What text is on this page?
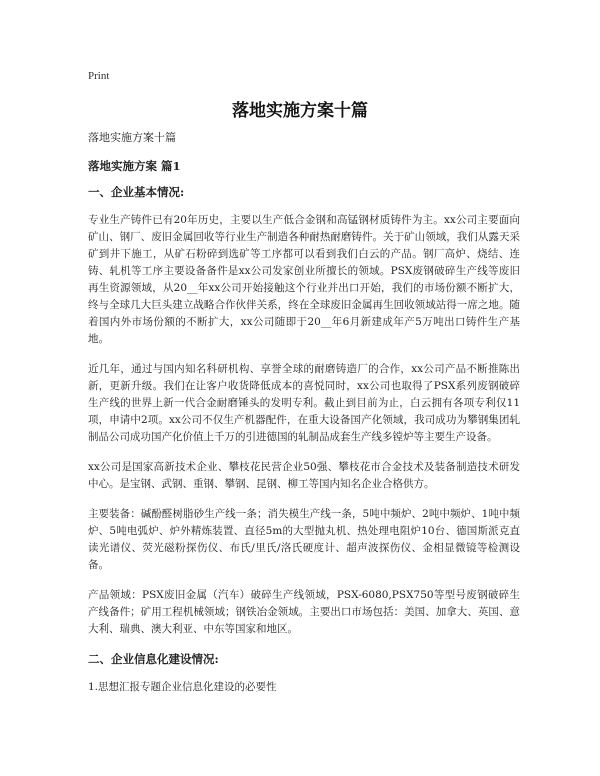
Print
落地实施方案十篇
落地实施方案十篇
落地实施方案 篇1
一、企业基本情况:

专业生产铸件已有20年历史，主要以生产低合金钢和高锰钢材质铸件为主。xx公司主要面向矿山、钢厂、废旧金属回收等行业生产制造各种耐热耐磨铸件。关于矿山领域，我们从露天采矿到井下施工，从矿石粉碎到选矿等工序都可以看到我们白云的产品。钢厂高炉、烧结、连铸、轧机等工序主要设备备件是xx公司发家创业所擅长的领域。PSX废钢破碎生产线等废旧再生资源领域，从20__年xx公司开始接触这个行业并出口开始，我们的市场份额不断扩大，终与全球几大巨头建立战略合作伙伴关系，终在全球废旧金属再生回收领域站得一席之地。随着国内外市场份额的不断扩大，xx公司随即于20__年6月新建成年产5万吨出口铸件生产基地。

近几年，通过与国内知名科研机构、享誉全球的耐磨铸造厂的合作，xx公司产品不断推陈出新，更新升级。我们在让客户收货降低成本的喜悦同时，xx公司也取得了PSX系列废钢破碎生产线的世界上新一代合金耐磨锤头的发明专利。截止到目前为止，白云拥有各项专利仅11项，申请中2项。xx公司不仅生产机器配件，在重大设备国产化领域，我司成功为攀钢集团轧制品公司成功国产化价值上千万的引进德国的轧制品成套生产线多镗炉等主要生产设备。

xx公司是国家高新技术企业、攀枝花民营企业50强、攀枝花市合金技术及装备制造技术研发中心。是宝钢、武钢、重钢、攀钢、昆钢、柳工等国内知名企业合格供方。

主要装备：碱酚醛树脂砂生产线一条；消失模生产线一条，5吨中频炉、2吨中频炉、1吨中频炉、5吨电弧炉、炉外精炼装置、直径5m的大型抛丸机、热处理电阻炉10台、德国斯派克直读光谱仪、荧光磁粉探伤仪、布氏/里氏/洛氏硬度计、超声波探伤仪、金相显微镜等检测设备。

产品领域：PSX废旧金属（汽车）破碎生产线领域，PSX-6080,PSX750等型号废钢破碎生产线备件；矿用工程机械领域；钢铁冶金领域。主要出口市场包括：美国、加拿大、英国、意大利、瑞典、澳大利亚、中东等国家和地区。

二、企业信息化建设情况:

1.思想汇报专题企业信息化建设的必要性
